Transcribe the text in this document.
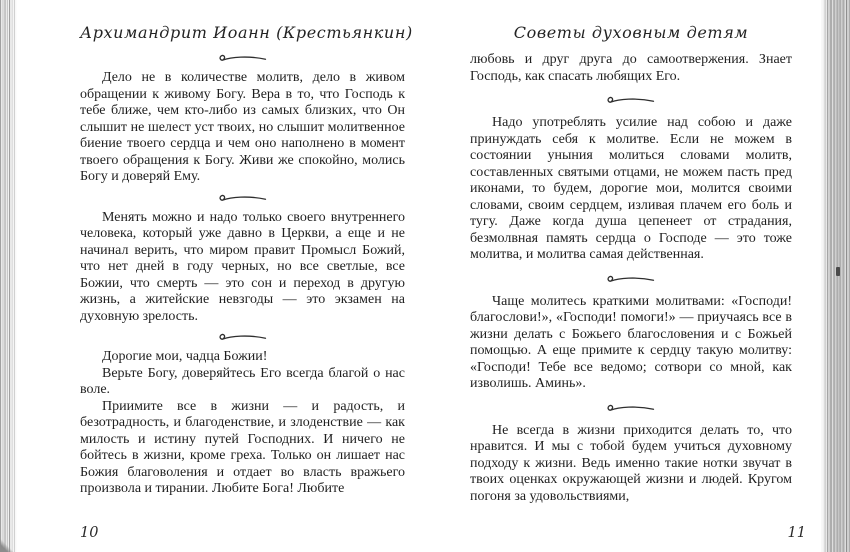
Архимандрит Иоанн (Крестьянкин)

Дело не в количестве молитв, дело в живом обращении к живому Богу. Вера в то, что Господь к тебе ближе, чем кто-либо из самых близких, что Он слышит не шелест уст твоих, но слышит молитвенное биение твоего сердца и чем оно наполнено в момент твоего обращения к Богу. Живи же спокойно, молись Богу и доверяй Ему.

Менять можно и надо только своего внутреннего человека, который уже давно в Церкви, а еще и не начинал верить, что миром правит Промысл Божий, что нет дней в году черных, но все светлые, все Божии, что смерть — это сон и переход в другую жизнь, а житейские невзгоды — это экзамен на духовную зрелость.

Дорогие мои, чадца Божии!

Верьте Богу, доверяйтесь Его всегда благой о нас воле.

Приимите все в жизни — и радость, и безотрадность, и благоденствие, и злоденствие — как милость и истину путей Господних. И ничего не бойтесь в жизни, кроме греха. Только он лишает нас Божия благоволения и отдает во власть вражьего произвола и тирании. Любите Бога! Любите

10
Советы духовным детям

любовь и друг друга до самоотвержения. Знает Господь, как спасать любящих Его.

Надо употреблять усилие над собою и даже принуждать себя к молитве. Если не можем в состоянии уныния молиться словами молитв, составленных святыми отцами, не можем пасть пред иконами, то будем, дорогие мои, молится своими словами, своим сердцем, изливая плачем его боль и тугу. Даже когда душа цепенеет от страдания, безмолвная память сердца о Господе — это тоже молитва, и молитва самая действенная.

Чаще молитесь краткими молитвами: «Господи! благослови!», «Господи! помоги!» — приучаясь все в жизни делать с Божьего благословения и с Божьей помощью. А еще примите к сердцу такую молитву: «Господи! Тебе все ведомо; сотвори со мной, как изволишь. Аминь».

Не всегда в жизни приходится делать то, что нравится. И мы с тобой будем учиться духовному подходу к жизни. Ведь именно такие нотки звучат в твоих оценках окружающей жизни и людей. Кругом погоня за удовольствиями,

11
